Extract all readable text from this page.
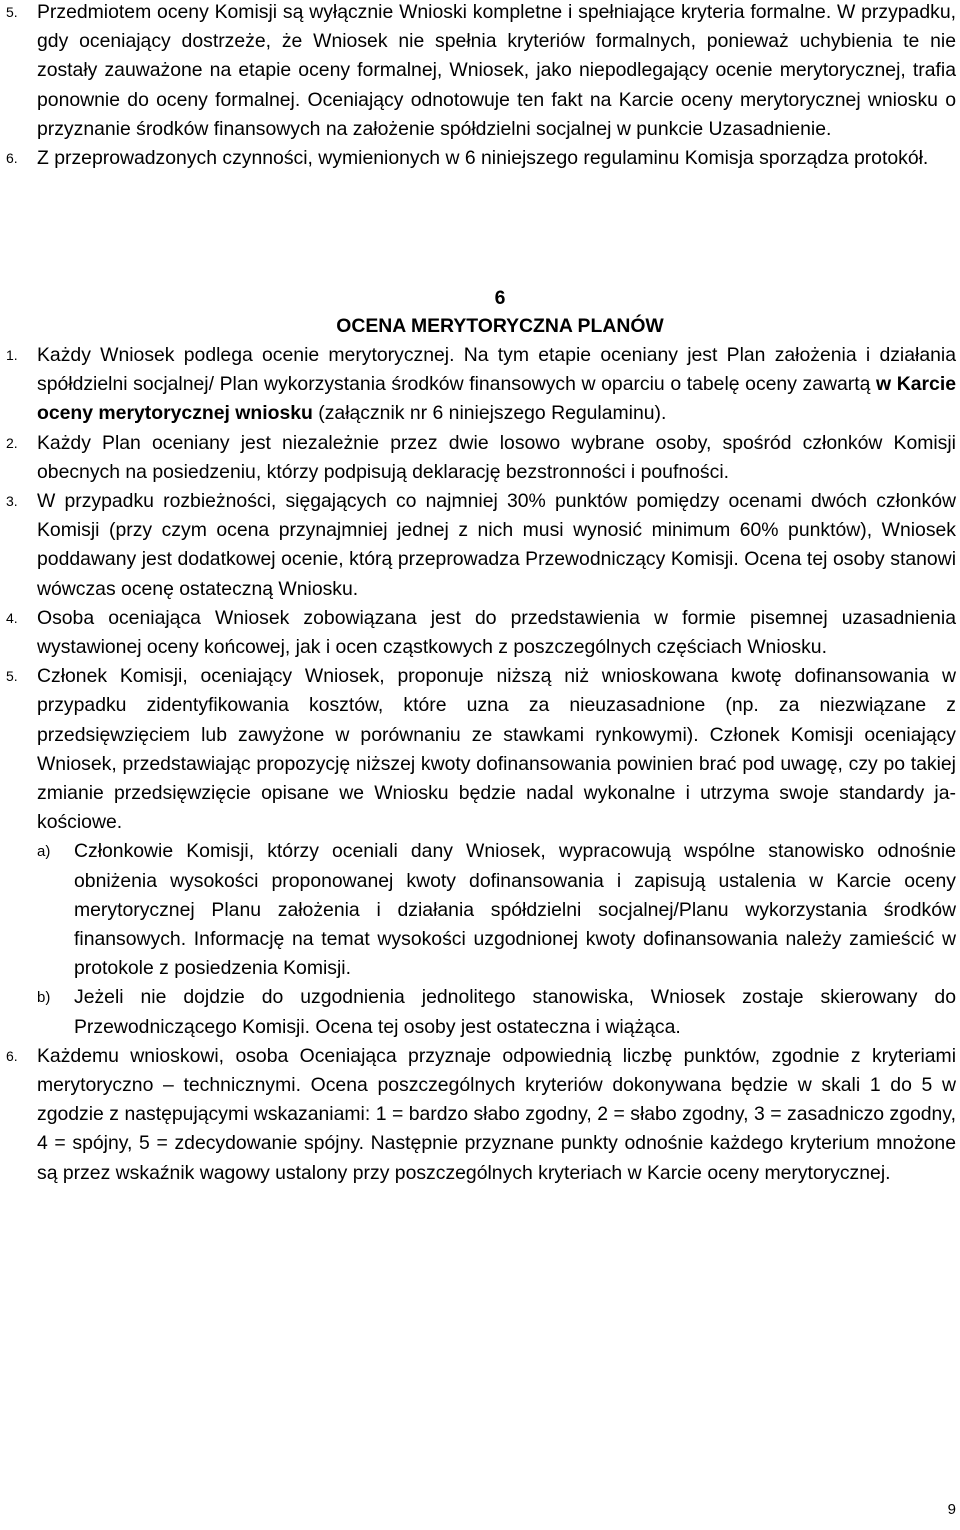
5. Przedmiotem oceny Komisji są wyłącznie Wnioski kompletne i spełniające kryteria formalne. W przypadku, gdy oceniający dostrzeże, że Wniosek nie spełnia kryteriów formalnych, ponieważ uchybienia te nie zostały zauważone na etapie oceny formalnej, Wniosek, jako niepodlegający ocenie merytorycznej, trafia ponownie do oceny formalnej. Oceniający odnotowuje ten fakt na Karcie oceny merytorycznej wniosku o przyznanie środków finansowych na założenie spółdzielni socjalnej w punkcie Uzasadnienie.

6. Z przeprowadzonych czynności, wymienionych w 6 niniejszego regulaminu Komisja sporządza protokół.

6

OCENA MERYTORYCZNA PLANÓW

1. Każdy Wniosek podlega ocenie merytorycznej. Na tym etapie oceniany jest Plan założenia i działania spółdzielni socjalnej/ Plan wykorzystania środków finansowych w oparciu o tabelę oceny zawartą w Karcie oceny merytorycznej wniosku (załącznik nr 6 niniejszego Regulaminu).

2. Każdy Plan oceniany jest niezależnie przez dwie losowo wybrane osoby, spośród członków Komisji obecnych na posiedzeniu, którzy podpisują deklarację bezstronności i poufności.

3. W przypadku rozbieżności, sięgających co najmniej 30% punktów pomiędzy ocenami dwóch członków Komisji (przy czym ocena przynajmniej jednej z nich musi wynosić minimum 60% punktów), Wniosek poddawany jest dodatkowej ocenie, którą przeprowadza Przewodniczący Komisji. Ocena tej osoby stanowi wówczas ocenę ostateczną Wniosku.

4. Osoba oceniająca Wniosek zobowiązana jest do przedstawienia w formie pisemnej uzasadnienia wystawionej oceny końcowej, jak i ocen cząstkowych z poszczególnych częściach Wniosku.

5. Członek Komisji, oceniający Wniosek, proponuje niższą niż wnioskowana kwotę dofinansowania w przypadku zidentyfikowania kosztów, które uzna za nieuzasadnione (np. za niezwiązane z przedsięwzięciem lub zawyżone w porównaniu ze stawkami rynkowymi). Członek Komisji oceniający Wniosek, przedstawiając propozycję niższej kwoty dofinansowania powinien brać pod uwagę, czy po takiej zmianie przedsięwzięcie opisane we Wniosku będzie nadal wykonalne i utrzyma swoje standardy jakościowe.

a) Członkowie Komisji, którzy oceniali dany Wniosek, wypracowują wspólne stanowisko odnośnie obniżenia wysokości proponowanej kwoty dofinansowania i zapisują ustalenia w Karcie oceny merytorycznej Planu założenia i działania spółdzielni socjalnej/Planu wykorzystania środków finansowych. Informację na temat wysokości uzgodnionej kwoty dofinansowania należy zamieścić w protokole z posiedzenia Komisji.

b) Jeżeli nie dojdzie do uzgodnienia jednolitego stanowiska, Wniosek zostaje skierowany do Przewodniczącego Komisji. Ocena tej osoby jest ostateczna i wiążąca.

6. Każdemu wnioskowi, osoba Oceniająca przyznaje odpowiednią liczbę punktów, zgodnie z kryteriami merytoryczno – technicznymi. Ocena poszczególnych kryteriów dokonywana będzie w skali 1 do 5 w zgodzie z następującymi wskazaniami: 1 = bardzo słabo zgodny, 2 = słabo zgodny, 3 = zasadniczo zgodny, 4 = spójny, 5 = zdecydowanie spójny. Następnie przyznane punkty odnośnie każdego kryterium mnożone są przez wskaźnik wagowy ustalony przy poszczególnych kryteriach w Karcie oceny merytorycznej.

9
